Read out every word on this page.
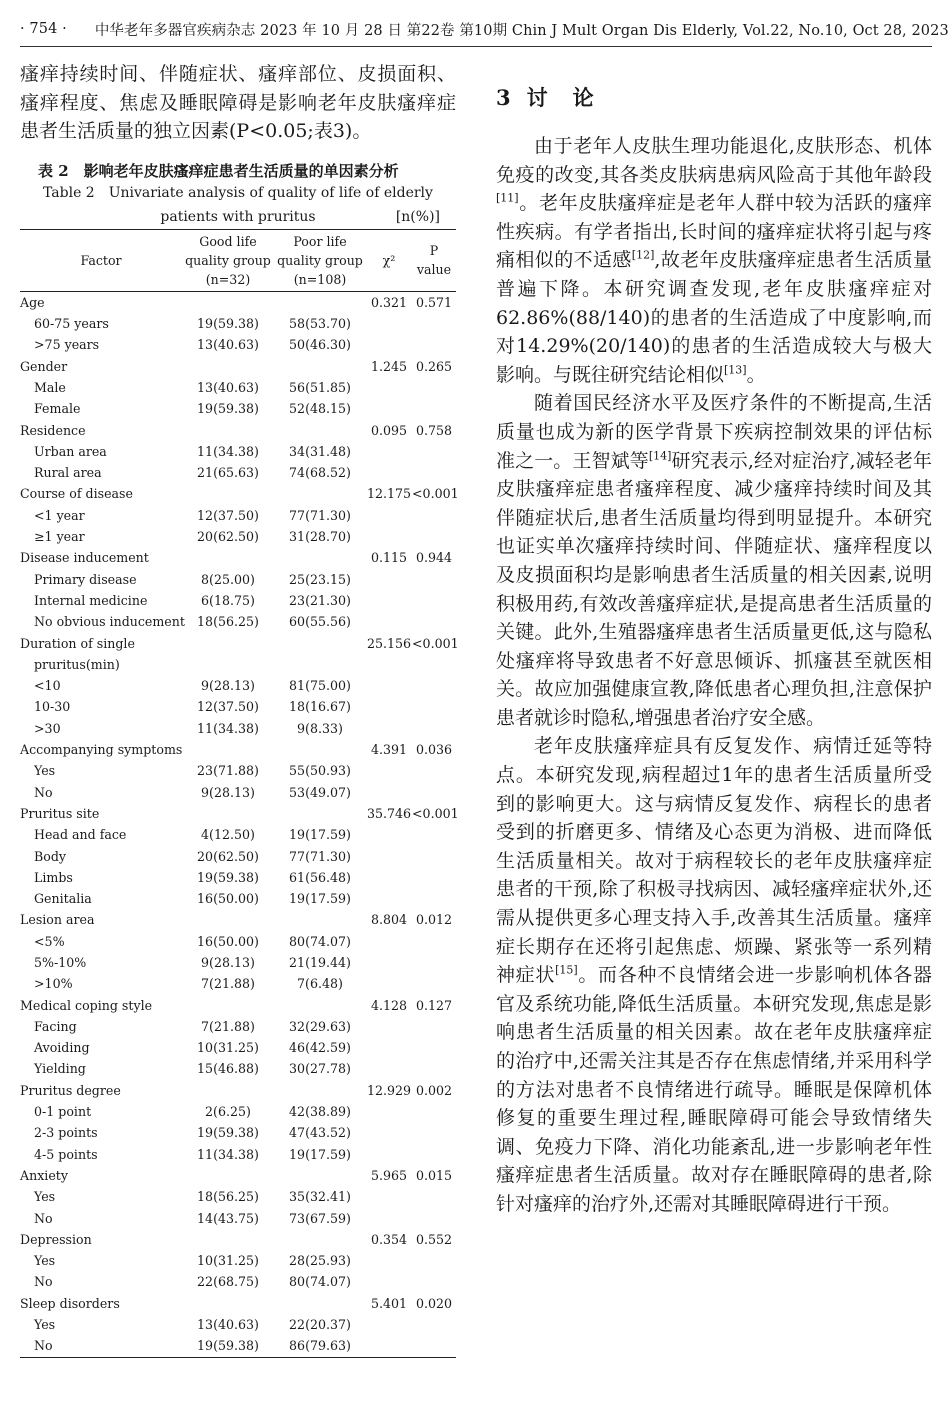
· 754 · 中华老年多器官疾病杂志 2023 年 10 月 28 日 第22卷 第10期 Chin J Mult Organ Dis Elderly, Vol.22, No.10, Oct 28, 2023

瘙痒持续时间、伴随症状、瘙痒部位、皮损面积、瘙痒程度、焦虑及睡眠障碍是影响老年皮肤瘙痒症患者生活质量的独立因素(P<0.05;表3)。

表 2　影响老年皮肤瘙痒症患者生活质量的单因素分析
Table 2　Univariate analysis of quality of life of elderly
patients with pruritus	[n(%)]
Factor	Good life quality group (n=32)	Poor life quality group (n=108)	χ²	P value
Age			0.321	0.571
60-75 years	19(59.38)	58(53.70)		
>75 years	13(40.63)	50(46.30)		
Gender			1.245	0.265
Male	13(40.63)	56(51.85)		
Female	19(59.38)	52(48.15)		
Residence			0.095	0.758
Urban area	11(34.38)	34(31.48)		
Rural area	21(65.63)	74(68.52)		
Course of disease			12.175	<0.001
<1 year	12(37.50)	77(71.30)		
≥1 year	20(62.50)	31(28.70)		
Disease inducement			0.115	0.944
Primary disease	8(25.00)	25(23.15)		
Internal medicine	6(18.75)	23(21.30)		
No obvious inducement	18(56.25)	60(55.56)		
Duration of single			25.156	<0.001
pruritus(min)				
<10	9(28.13)	81(75.00)		
10-30	12(37.50)	18(16.67)		
>30	11(34.38)	9(8.33)		
Accompanying symptoms			4.391	0.036
Yes	23(71.88)	55(50.93)		
No	9(28.13)	53(49.07)		
Pruritus site			35.746	<0.001
Head and face	4(12.50)	19(17.59)		
Body	20(62.50)	77(71.30)		
Limbs	19(59.38)	61(56.48)		
Genitalia	16(50.00)	19(17.59)		
Lesion area			8.804	0.012
<5%	16(50.00)	80(74.07)		
5%-10%	9(28.13)	21(19.44)		
>10%	7(21.88)	7(6.48)		
Medical coping style			4.128	0.127
Facing	7(21.88)	32(29.63)		
Avoiding	10(31.25)	46(42.59)		
Yielding	15(46.88)	30(27.78)		
Pruritus degree			12.929	0.002
0-1 point	2(6.25)	42(38.89)		
2-3 points	19(59.38)	47(43.52)		
4-5 points	11(34.38)	19(17.59)		
Anxiety			5.965	0.015
Yes	18(56.25)	35(32.41)		
No	14(43.75)	73(67.59)		
Depression			0.354	0.552
Yes	10(31.25)	28(25.93)		
No	22(68.75)	80(74.07)		
Sleep disorders			5.401	0.020
Yes	13(40.63)	22(20.37)		
No	19(59.38)	86(79.63)		
3 讨　论

由于老年人皮肤生理功能退化,皮肤形态、机体免疫的改变,其各类皮肤病患病风险高于其他年龄段[11]。老年皮肤瘙痒症是老年人群中较为活跃的瘙痒性疾病。有学者指出,长时间的瘙痒症状将引起与疼痛相似的不适感[12],故老年皮肤瘙痒症患者生活质量普遍下降。本研究调查发现,老年皮肤瘙痒症对62.86%(88/140)的患者的生活造成了中度影响,而对14.29%(20/140)的患者的生活造成较大与极大影响。与既往研究结论相似[13]。

随着国民经济水平及医疗条件的不断提高,生活质量也成为新的医学背景下疾病控制效果的评估标准之一。王智斌等[14]研究表示,经对症治疗,减轻老年皮肤瘙痒症患者瘙痒程度、减少瘙痒持续时间及其伴随症状后,患者生活质量均得到明显提升。本研究也证实单次瘙痒持续时间、伴随症状、瘙痒程度以及皮损面积均是影响患者生活质量的相关因素,说明积极用药,有效改善瘙痒症状,是提高患者生活质量的关键。此外,生殖器瘙痒患者生活质量更低,这与隐私处瘙痒将导致患者不好意思倾诉、抓瘙甚至就医相关。故应加强健康宣教,降低患者心理负担,注意保护患者就诊时隐私,增强患者治疗安全感。

老年皮肤瘙痒症具有反复发作、病情迁延等特点。本研究发现,病程超过1年的患者生活质量所受到的影响更大。这与病情反复发作、病程长的患者受到的折磨更多、情绪及心态更为消极、进而降低生活质量相关。故对于病程较长的老年皮肤瘙痒症患者的干预,除了积极寻找病因、减轻瘙痒症状外,还需从提供更多心理支持入手,改善其生活质量。瘙痒症长期存在还将引起焦虑、烦躁、紧张等一系列精神症状[15]。而各种不良情绪会进一步影响机体各器官及系统功能,降低生活质量。本研究发现,焦虑是影响患者生活质量的相关因素。故在老年皮肤瘙痒症的治疗中,还需关注其是否存在焦虑情绪,并采用科学的方法对患者不良情绪进行疏导。睡眠是保障机体修复的重要生理过程,睡眠障碍可能会导致情绪失调、免疫力下降、消化功能紊乱,进一步影响老年性瘙痒症患者生活质量。故对存在睡眠障碍的患者,除针对瘙痒的治疗外,还需对其睡眠障碍进行干预。
